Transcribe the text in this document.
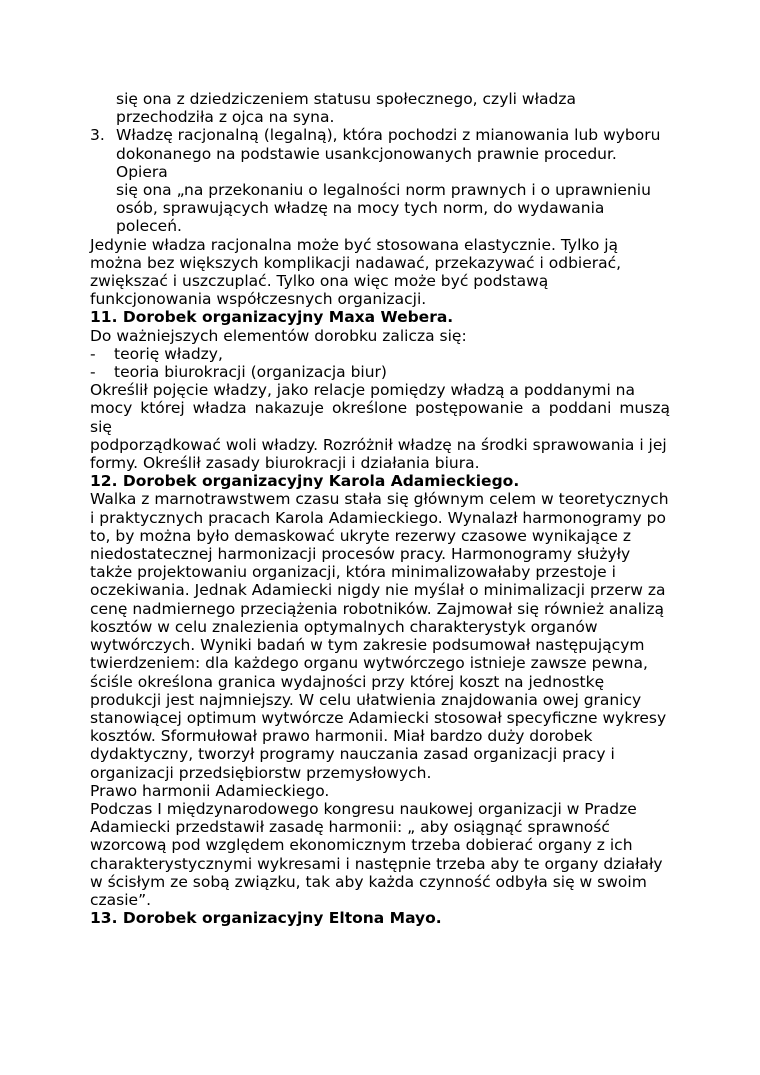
się ona z dziedziczeniem statusu społecznego, czyli władza
przechodziła z ojca na syna.
3. Władzę racjonalną (legalną), która pochodzi z mianowania lub wyboru
dokonanego na podstawie usankcjonowanych prawnie procedur. Opiera
się ona „na przekonaniu o legalności norm prawnych i o uprawnieniu
osób, sprawujących władzę na mocy tych norm, do wydawania poleceń.
Jedynie władza racjonalna może być stosowana elastycznie. Tylko ją
można bez większych komplikacji nadawać, przekazywać i odbierać,
zwiększać i uszczuplać. Tylko ona więc może być podstawą
funkcjonowania współczesnych organizacji.
11. Dorobek organizacyjny Maxa Webera.
Do ważniejszych elementów dorobku zalicza się:
- teorię władzy,
- teoria biurokracji (organizacja biur)
Określił pojęcie władzy, jako relacje pomiędzy władzą a poddanymi na
mocy której władza nakazuje określone postępowanie a poddani muszą się
podporządkować woli władzy. Rozróżnił władzę na środki sprawowania i jej
formy. Określił zasady biurokracji i działania biura.
12. Dorobek organizacyjny Karola Adamieckiego.
Walka z marnotrawstwem czasu stała się głównym celem w teoretycznych
i praktycznych pracach Karola Adamieckiego. Wynalazł harmonogramy po
to, by można było demaskować ukryte rezerwy czasowe wynikające z
niedostatecznej harmonizacji procesów pracy. Harmonogramy służyły
także projektowaniu organizacji, która minimalizowałaby przestoje i
oczekiwania. Jednak Adamiecki nigdy nie myślał o minimalizacji przerw za
cenę nadmiernego przeciążenia robotników. Zajmował się również analizą
kosztów w celu znalezienia optymalnych charakterystyk organów
wytwórczych. Wyniki badań w tym zakresie podsumował następującym
twierdzeniem: dla każdego organu wytwórczego istnieje zawsze pewna,
ściśle określona granica wydajności przy której koszt na jednostkę
produkcji jest najmniejszy. W celu ułatwienia znajdowania owej granicy
stanowiącej optimum wytwórcze Adamiecki stosował specyficzne wykresy
kosztów. Sformułował prawo harmonii. Miał bardzo duży dorobek
dydaktyczny, tworzył programy nauczania zasad organizacji pracy i
organizacji przedsiębiorstw przemysłowych.
Prawo harmonii Adamieckiego.
Podczas I międzynarodowego kongresu naukowej organizacji w Pradze
Adamiecki przedstawił zasadę harmonii: „ aby osiągnąć sprawność
wzorcową pod względem ekonomicznym trzeba dobierać organy z ich
charakterystycznymi wykresami i następnie trzeba aby te organy działały
w ścisłym ze sobą związku, tak aby każda czynność odbyła się w swoim
czasie”.
13. Dorobek organizacyjny Eltona Mayo.
